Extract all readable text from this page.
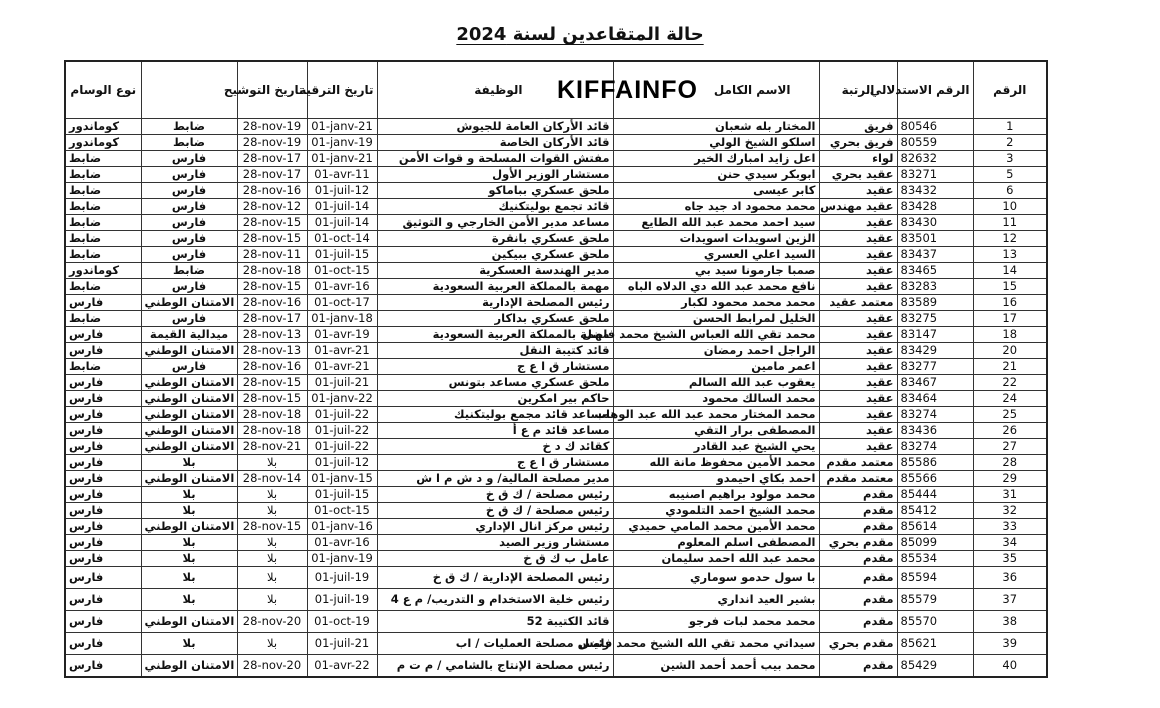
حالة المتقاعدين لسنة 2024
KIFFAINFO
نوع الوسام		تاريخ التوشيح	تاريخ الترقية	الوظيفة	الاسم الكامل	الرتبة	الرقم الاستدلالي	الرقم
كوماندور	ضابط	28-nov-19	01-janv-21	قائد الأركان العامة للجيوش	المختار بله شعبان	فريق	80546	1
كوماندور	ضابط	28-nov-19	01-janv-19	قائد الأركان الخاصة	اسلكو الشيخ الولي	فريق بحري	80559	2
ضابط	فارس	28-nov-17	01-janv-21	مفتش القوات المسلحة و قوات الأمن	اعل زايد امبارك الخير	لواء	82632	3
ضابط	فارس	28-nov-17	01-avr-11	مستشار الوزير الأول	ابوبكر سيدي حنن	عقيد بحري	83271	5
ضابط	فارس	28-nov-16	01-juil-12	ملحق عسكري بباماكو	كابر عيسى	عقيد	83432	6
ضابط	فارس	28-nov-12	01-juil-14	قائد تجمع بوليتكنيك	محمد محمود اد جيد جاه	عقيد مهندس	83428	10
ضابط	فارس	28-nov-15	01-juil-14	مساعد مدير الأمن الخارجي و التوثيق	سيد احمد محمد عبد الله الطايع	عقيد	83430	11
ضابط	فارس	28-nov-15	01-oct-14	ملحق عسكري بانقرة	الزين اسويدات اسويدات	عقيد	83501	12
ضابط	فارس	28-nov-11	01-juil-15	ملحق عسكري ببيكين	السيد اعلي العسري	عقيد	83437	13
كوماندور	ضابط	28-nov-18	01-oct-15	مدير الهندسة العسكرية	صمبا جارمونا سيد بي	عقيد	83465	14
ضابط	فارس	28-nov-15	01-avr-16	مهمة بالمملكة العربية السعودية	نافع محمد عبد الله دي الدلاه الباه	عقيد	83283	15
فارس	الامتنان الوطني	28-nov-16	01-oct-17	رئيس المصلحة الإدارية	محمد محمد محمود لكبار	معتمد عقيد	83589	16
ضابط	فارس	28-nov-17	01-janv-18	ملحق عسكري بداكار	الخليل لمرابط الحسن	عقيد	83275	17
فارس	ميدالية القيمة	28-nov-13	01-avr-19	مهمة بالمملكة العربية السعودية	محمد تقي الله العباس الشيخ محمد فاضل	عقيد	83147	18
فارس	الامتنان الوطني	28-nov-13	01-avr-21	قائد كتيبة النقل	الراجل احمد رمضان	عقيد	83429	20
ضابط	فارس	28-nov-16	01-avr-21	مستشار ق ا ع ج	اعمر مامين	عقيد	83277	21
فارس	الامتنان الوطني	28-nov-15	01-juil-21	ملحق عسكري مساعد بتونس	يعقوب عبد الله السالم	عقيد	83467	22
فارس	الامتنان الوطني	28-nov-15	01-janv-22	حاكم بير امكرين	محمد السالك محمود	عقيد	83464	24
فارس	الامتنان الوطني	28-nov-18	01-juil-22	مساعد قائد مجمع بوليتكنيك	محمد المختار محمد عبد الله عبد الوهاب	عقيد	83274	25
فارس	الامتنان الوطني	28-nov-18	01-juil-22	مساعد قائد م ع أ	المصطفى برار التقي	عقيد	83436	26
فارس	الامتنان الوطني	28-nov-21	01-juil-22	كقائد ك د خ	يحي الشيخ عبد القادر	عقيد	83274	27
فارس	بلا	بلا	01-juil-12	مستشار ق ا ع ج	محمد الأمين محفوظ مانة الله	معتمد مقدم	85586	28
فارس	الامتنان الوطني	28-nov-14	01-janv-15	مدير مصلحة المالية/ و د ش م ا ش	احمد بكاي احيمدو	معتمد مقدم	85566	29
فارس	بلا	بلا	01-juil-15	رئيس مصلحة / ك ق خ	محمد مولود براهيم اصنيبه	مقدم	85444	31
فارس	بلا	بلا	01-oct-15	رئيس مصلحة / ك ق خ	محمد الشيخ احمد التلمودي	مقدم	85412	32
فارس	الامتنان الوطني	28-nov-15	01-janv-16	رئيس مركز انال الإداري	محمد الأمين محمد المامي حميدي	مقدم	85614	33
فارس	بلا	بلا	01-avr-16	مستشار وزير الصيد	المصطفى اسلم المعلوم	مقدم بحري	85099	34
فارس	بلا	بلا	01-janv-19	عامل ب ك ق خ	محمد عبد الله احمد سليمان	مقدم	85534	35
فارس	بلا	بلا	01-juil-19	رئيس المصلحة الإدارية / ك ق خ	با سول حدمو سوماري	مقدم	85594	36
فارس	بلا	بلا	01-juil-19	رئيس خلية الاستخدام و التدريب/ م ع 4	بشير العيد انداري	مقدم	85579	37
فارس	الامتنان الوطني	28-nov-20	01-oct-19	قائد الكتيبة 52	محمد محمد لبات فرجو	مقدم	85570	38
فارس	بلا	بلا	01-juil-21	رئيس مصلحة العمليات / اب	سيداتي محمد تقي الله الشيخ محمد فاضل	مقدم بحري	85621	39
فارس	الامتنان الوطني	28-nov-20	01-avr-22	رئيس مصلحة الإنتاج بالشامي / م ت م	محمد بيب أحمد أحمد الشين	مقدم	85429	40
